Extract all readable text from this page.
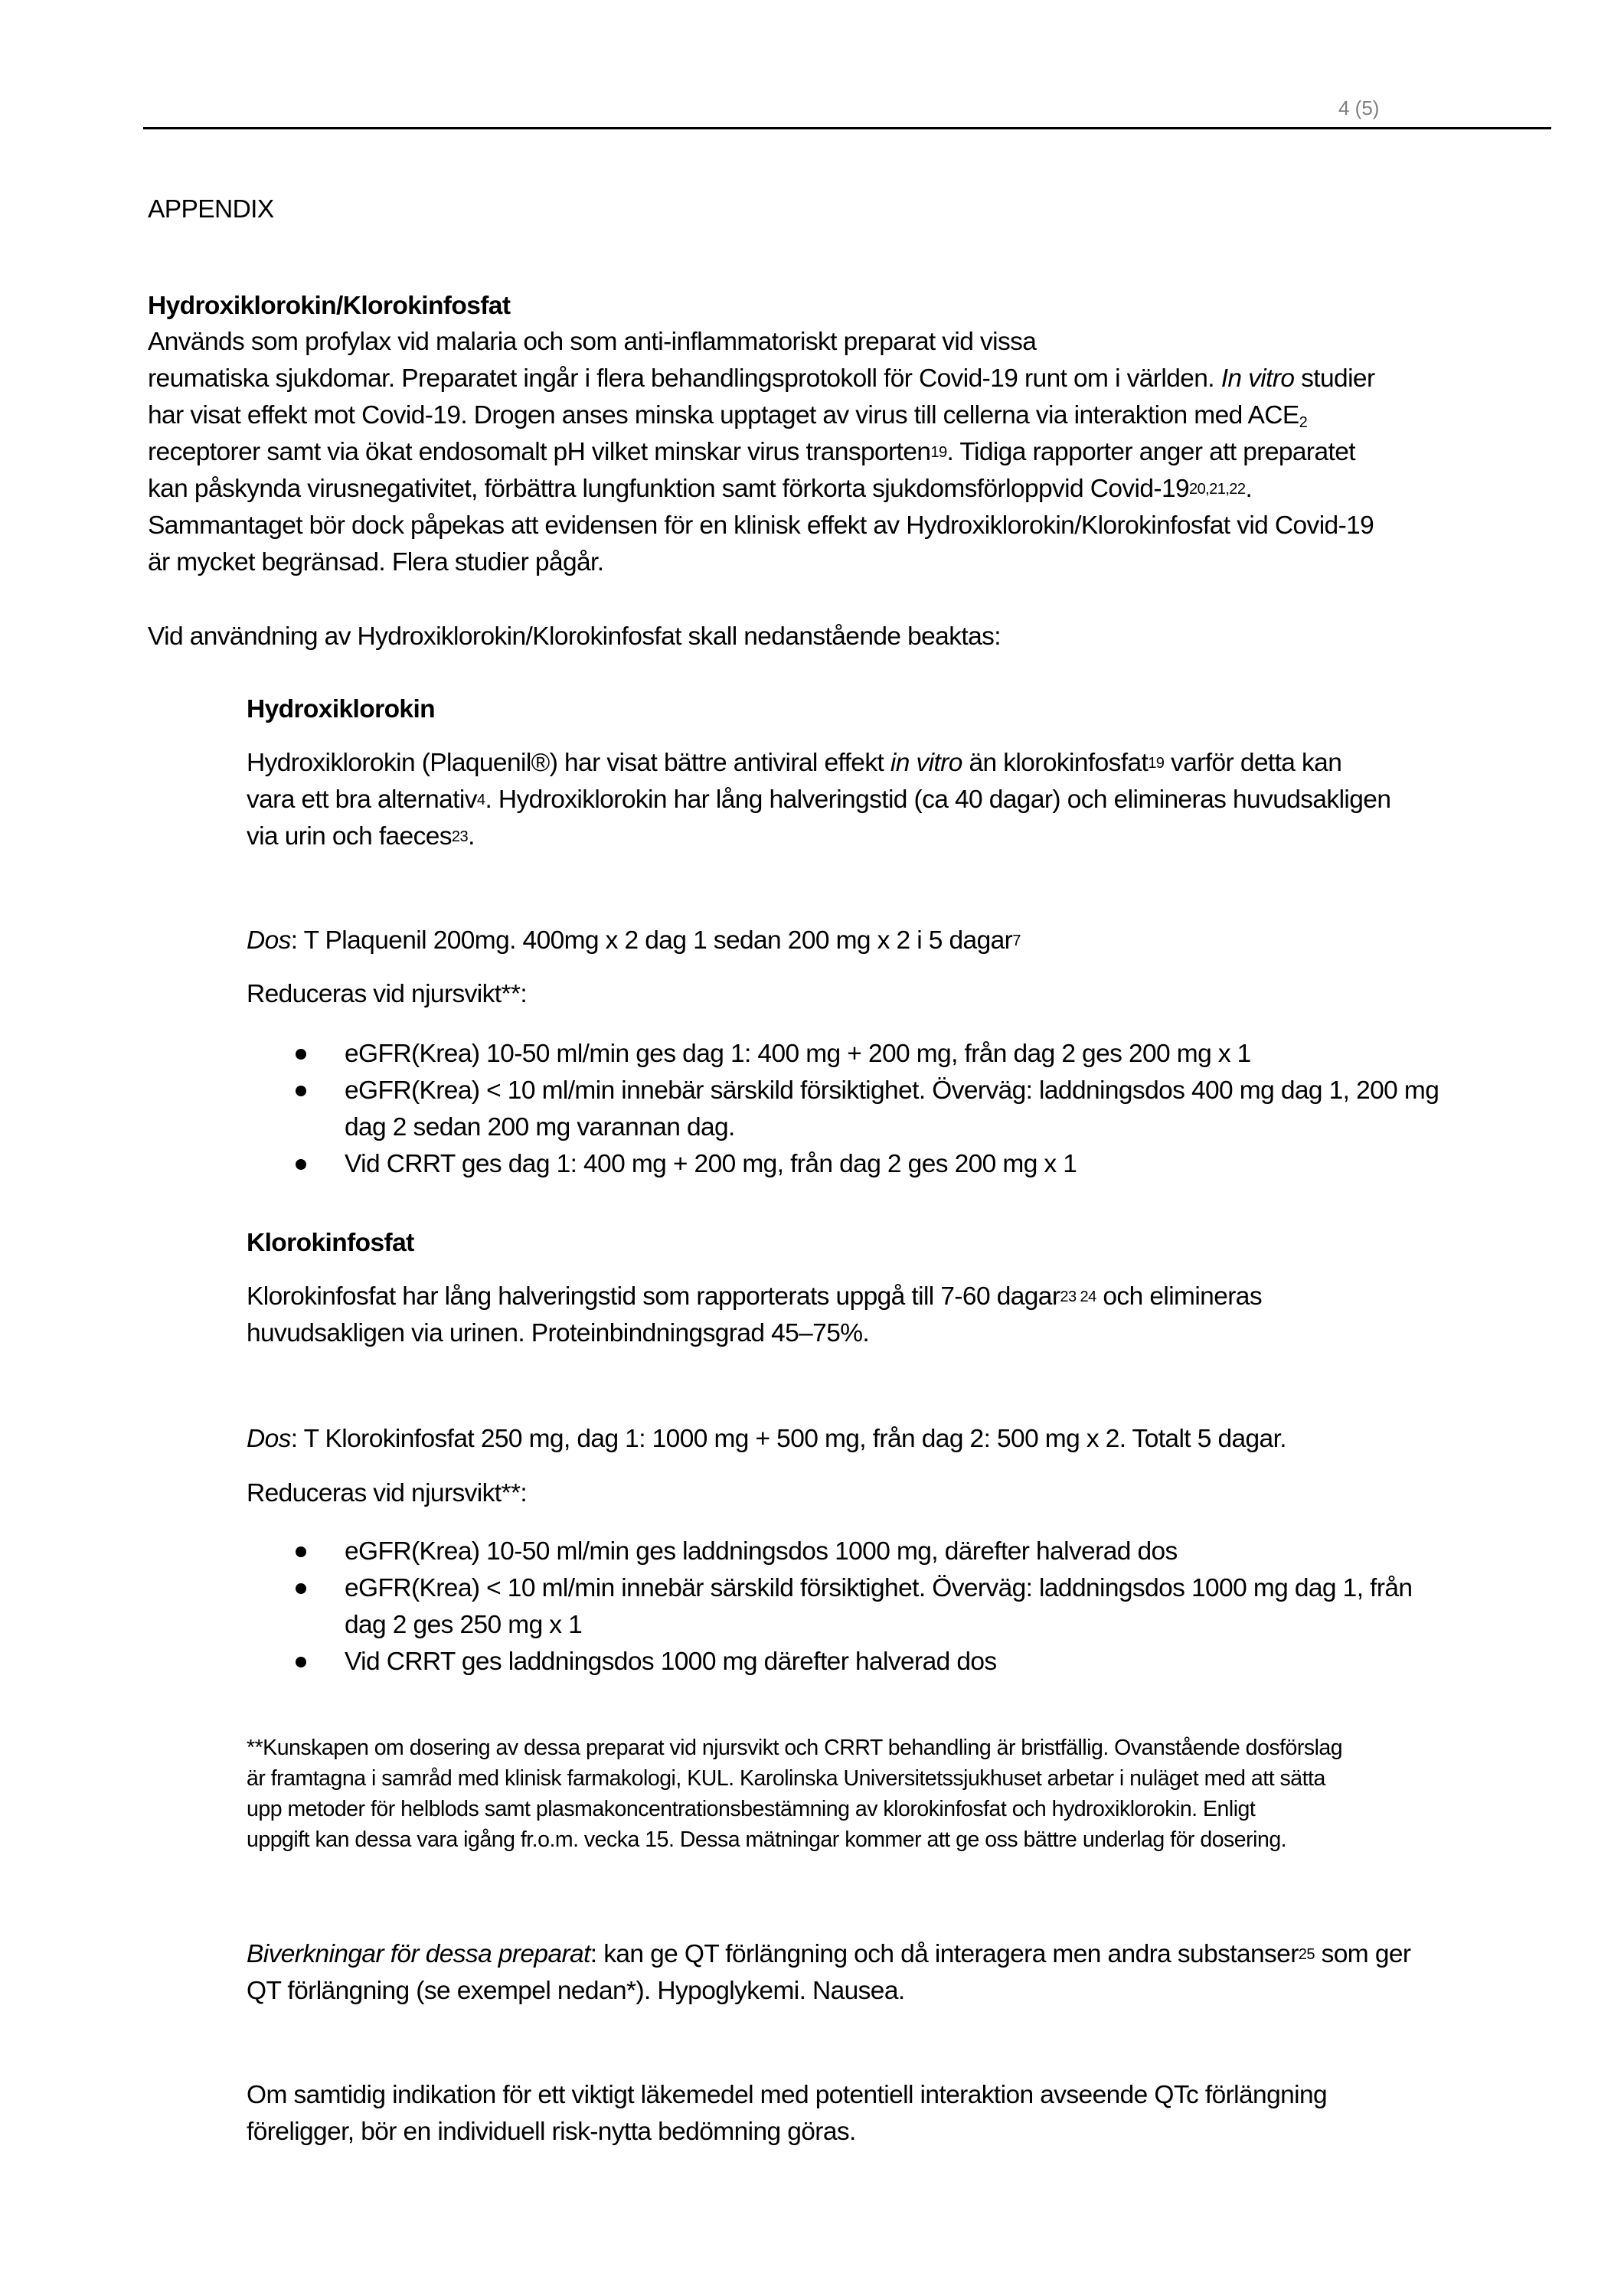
4 (5)
APPENDIX
Hydroxiklorokin/Klorokinfosfat
Används som profylax vid malaria och som anti-inflammatoriskt preparat vid vissa
reumatiska sjukdomar. Preparatet ingår i flera behandlingsprotokoll för Covid-19 runt om i världen. In vitro studier
har visat effekt mot Covid-19. Drogen anses minska upptaget av virus till cellerna via interaktion med $ACE_2$
receptorer samt via ökat endosomalt pH vilket minskar virus transporten$^{19}$. Tidiga rapporter anger att preparatet
kan påskynda virusnegativitet, förbättra lungfunktion samt förkorta sjukdomsförloppvid Covid-19$^{20,21,22}$.
Sammantaget bör dock påpekas att evidensen för en klinisk effekt av Hydroxiklorokin/Klorokinfosfat vid Covid-19
är mycket begränsad. Flera studier pågår.
Vid användning av Hydroxiklorokin/Klorokinfosfat skall nedanstående beaktas:
Hydroxiklorokin
Hydroxiklorokin (Plaquenil®) har visat bättre antiviral effekt in vitro än klorokinfosfat$^{19}$ varför detta kan
vara ett bra alternativ$^4$. Hydroxiklorokin har lång halveringstid (ca 40 dagar) och elimineras huvudsakligen
via urin och faeces$^{23}$.
Dos: T Plaquenil 200mg. 400mg x 2 dag 1 sedan 200 mg x 2 i 5 dagar$^7$
Reduceras vid njursvikt**:
eGFR(Krea) 10-50 ml/min ges dag 1: 400 mg + 200 mg, från dag 2 ges 200 mg x 1
eGFR(Krea) < 10 ml/min innebär särskild försiktighet. Överväg: laddningsdos 400 mg dag 1, 200 mg
dag 2 sedan 200 mg varannan dag.
Vid CRRT ges dag 1: 400 mg + 200 mg, från dag 2 ges 200 mg x 1
Klorokinfosfat
Klorokinfosfat har lång halveringstid som rapporterats uppgå till 7-60 dagar$^{23 24}$ och elimineras
huvudsakligen via urinen. Proteinbindningsgrad 45–75%.
Dos: T Klorokinfosfat 250 mg, dag 1: 1000 mg + 500 mg, från dag 2: 500 mg x 2. Totalt 5 dagar.
Reduceras vid njursvikt**:
eGFR(Krea) 10-50 ml/min ges laddningsdos 1000 mg, därefter halverad dos
eGFR(Krea) < 10 ml/min innebär särskild försiktighet. Överväg: laddningsdos 1000 mg dag 1, från
dag 2 ges 250 mg x 1
Vid CRRT ges laddningsdos 1000 mg därefter halverad dos
**Kunskapen om dosering av dessa preparat vid njursvikt och CRRT behandling är bristfällig. Ovanstående dosförslag
är framtagna i samråd med klinisk farmakologi, KUL. Karolinska Universitetssjukhuset arbetar i nuläget med att sätta
upp metoder för helblods samt plasmakoncentrationsbestämning av klorokinfosfat och hydroxiklorokin. Enligt
uppgift kan dessa vara igång fr.o.m. vecka 15. Dessa mätningar kommer att ge oss bättre underlag för dosering.
Biverkningar för dessa preparat: kan ge QT förlängning och då interagera men andra substanser$^{25}$ som ger
QT förlängning (se exempel nedan*). Hypoglykemi. Nausea.
Om samtidig indikation för ett viktigt läkemedel med potentiell interaktion avseende QTc förlängning
föreligger, bör en individuell risk-nytta bedömning göras.
